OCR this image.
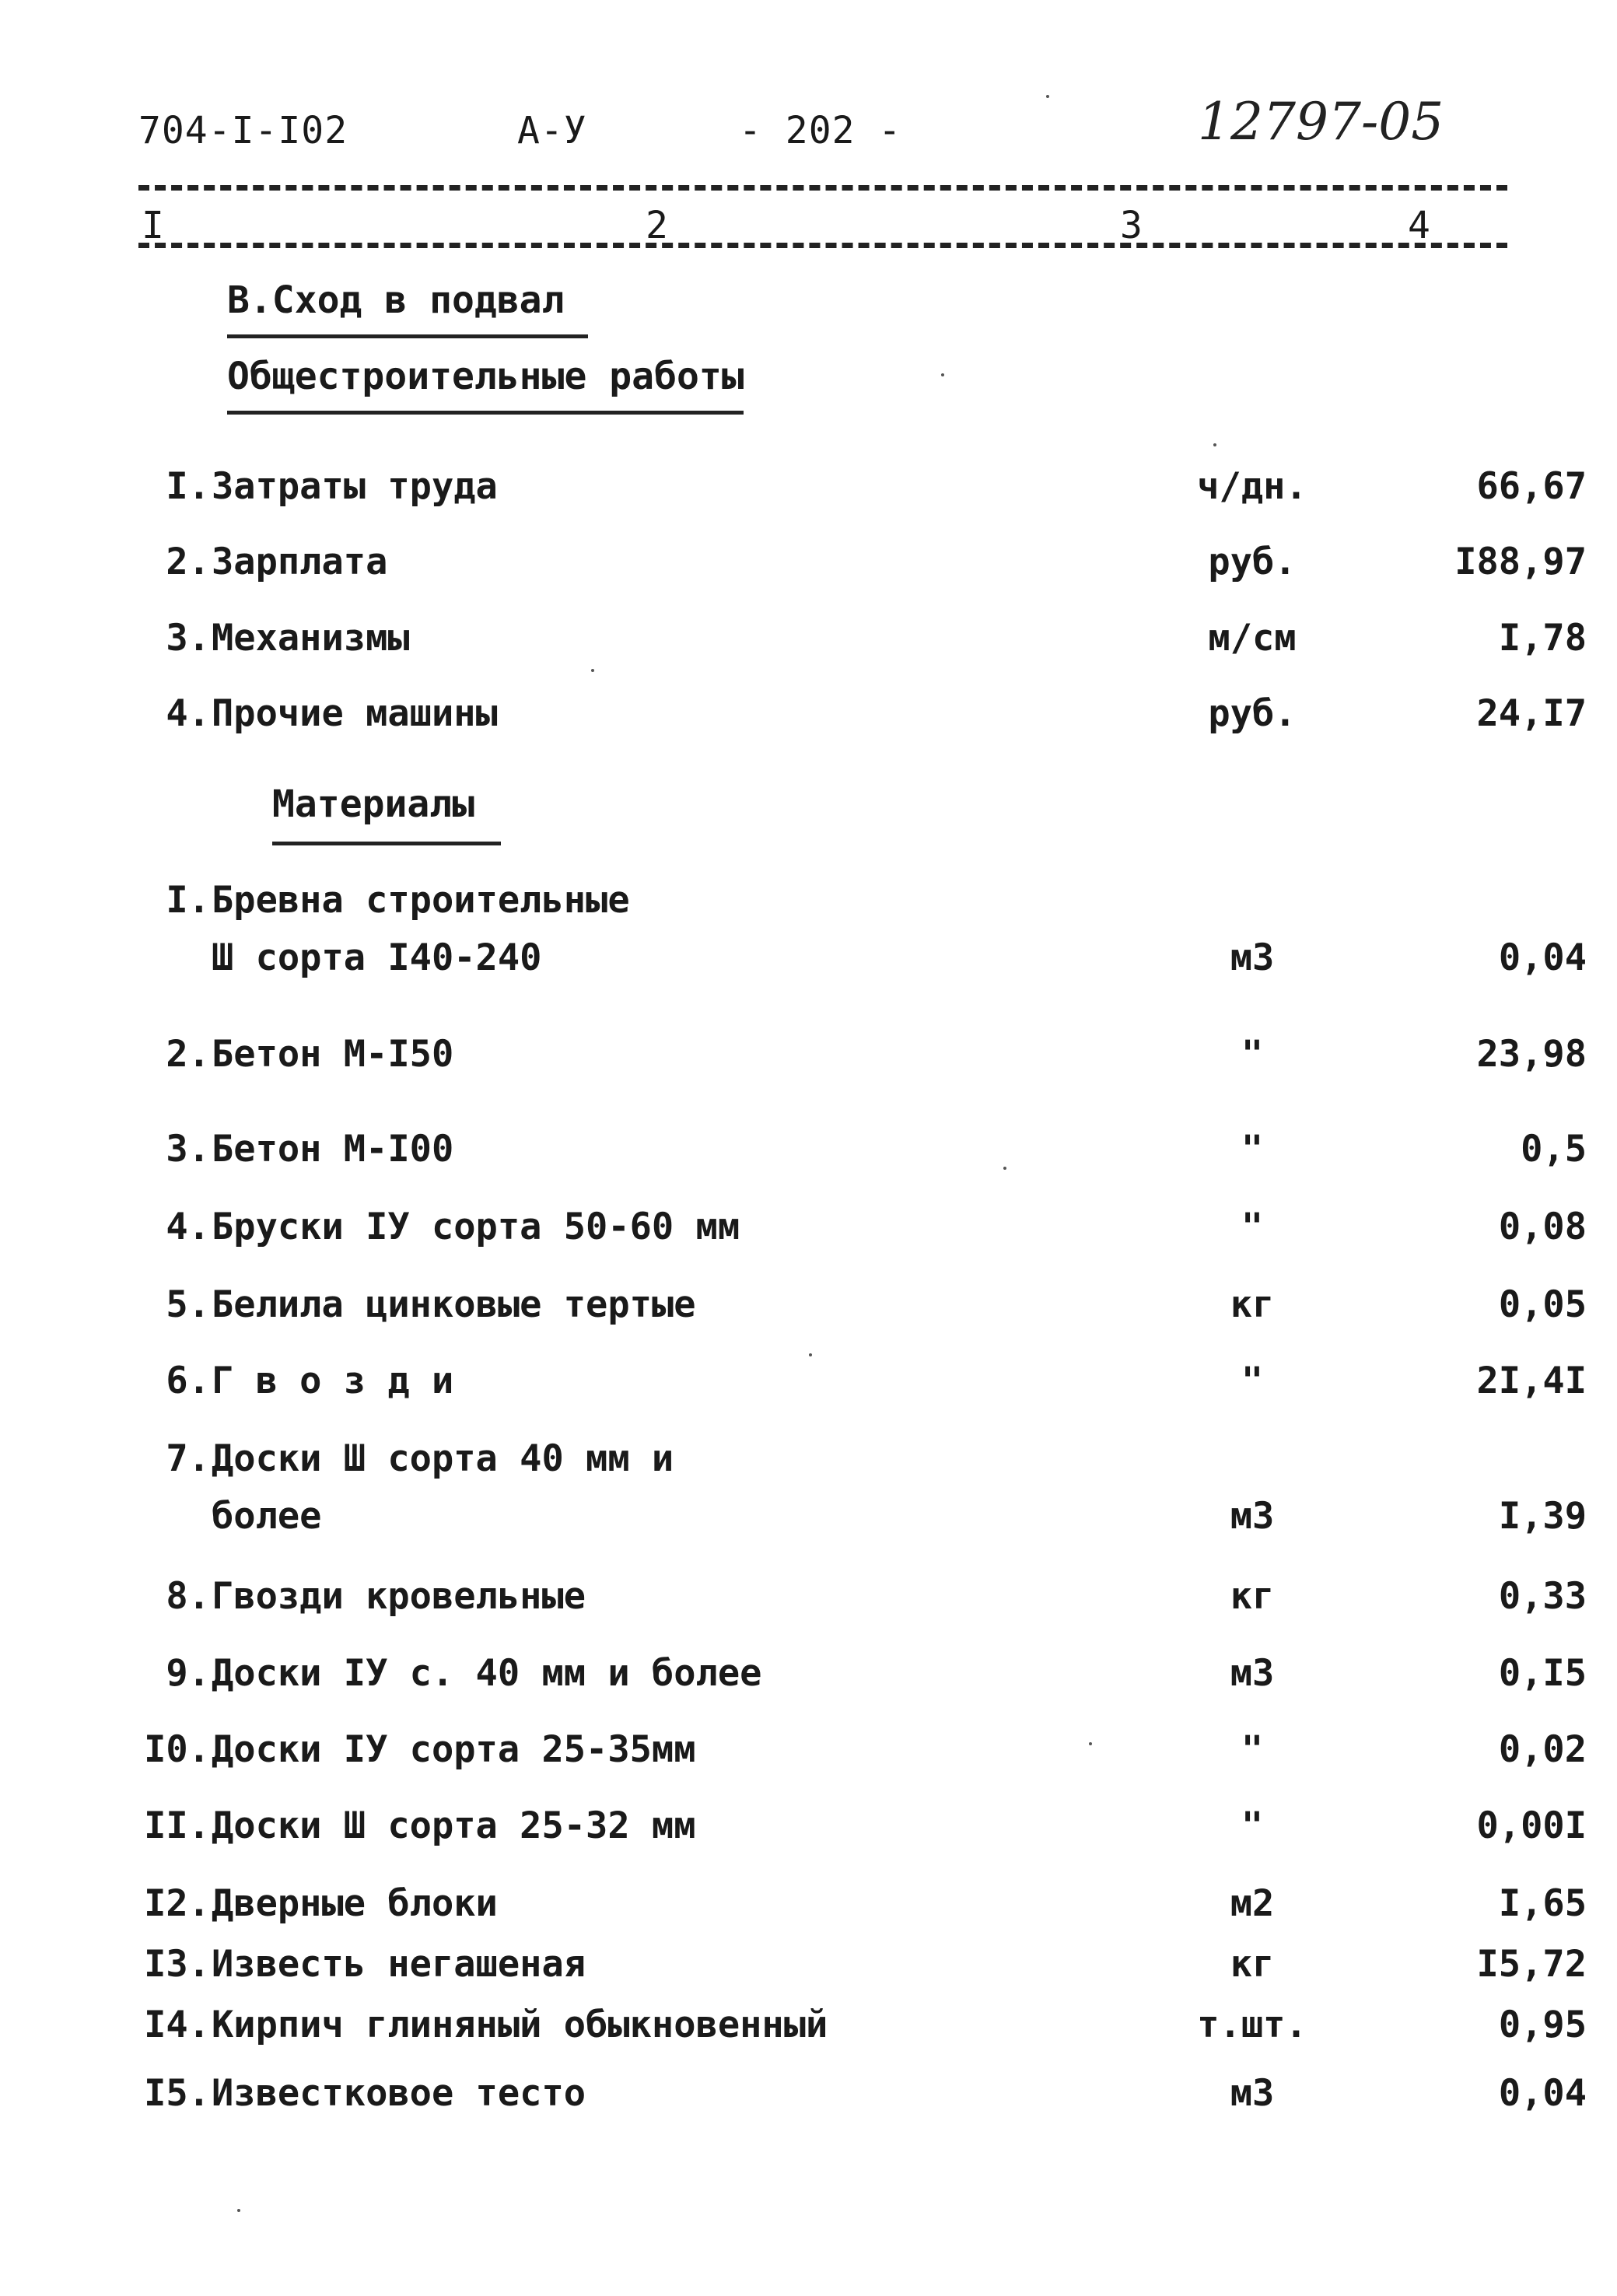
704-I-I02	А-У	- 202 -	12797-05
I	2	3	4
В.Сход в подвал
Общестроительные работы
I. Затраты труда	ч/дн.	66,67
2. Зарплата	руб.	I88,97
3. Механизмы	м/см	I,78
4. Прочие машины	руб.	24,I7
Материалы
I. Бревна строительные
Ш сорта I40-240	м3	0,04
2. Бетон М-I50	"	23,98
3. Бетон М-I00	"	0,5
4. Бруски IУ сорта 50-60 мм	"	0,08
5. Белила цинковые тертые	кг	0,05
6. Г в о з д и	"	2I,4I
7. Доски Ш сорта 40 мм и
более	м3	I,39
8. Гвозди кровельные	кг	0,33
9. Доски IУ с. 40 мм и более	м3	0,I5
I0. Доски IУ сорта 25-35мм	"	0,02
II. Доски Ш сорта 25-32 мм	"	0,00I
I2. Дверные блоки	м2	I,65
I3. Известь негашеная	кг	I5,72
I4. Кирпич глиняный обыкновенный	т.шт.	0,95
I5. Известковое тесто	м3	0,04
